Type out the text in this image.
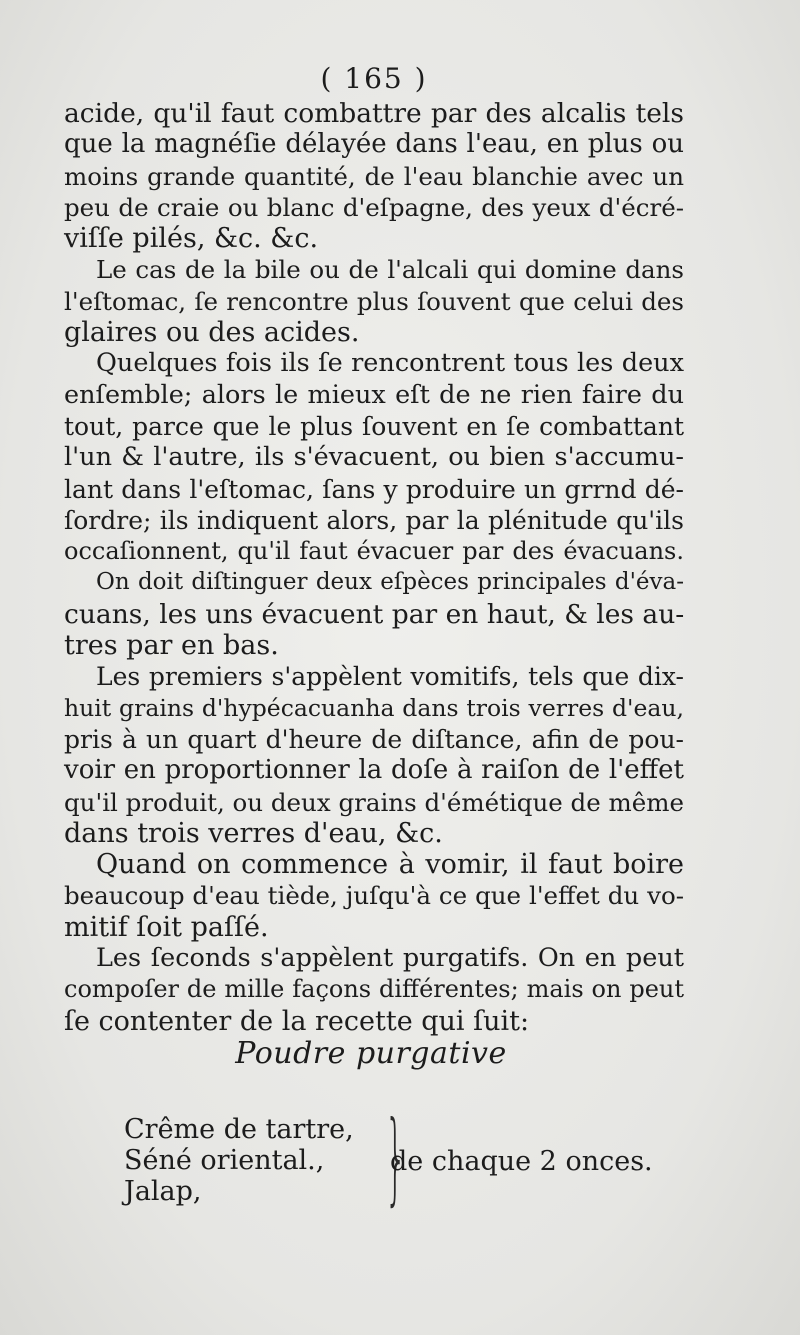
( 165 )
acide, qu'il faut combattre par des alcalis tels
que la magnéſie délayée dans l'eau, en plus ou
moins grande quantité, de l'eau blanchie avec un
peu de craie ou blanc d'eſpagne, des yeux d'écré-
viſſe pilés, &c. &c.
Le cas de la bile ou de l'alcali qui domine dans
l'eſtomac, ſe rencontre plus ſouvent que celui des
glaires ou des acides.
Quelques fois ils ſe rencontrent tous les deux
enſemble; alors le mieux eſt de ne rien faire du
tout, parce que le plus ſouvent en ſe combattant
l'un & l'autre, ils s'évacuent, ou bien s'accumu-
lant dans l'eſtomac, ſans y produire un grrnd dé-
ſordre; ils indiquent alors, par la plénitude qu'ils
occaſionnent, qu'il faut évacuer par des évacuans.
On doit diſtinguer deux eſpèces principales d'éva-
cuans, les uns évacuent par en haut, & les au-
tres par en bas.
Les premiers s'appèlent vomitifs, tels que dix-
huit grains d'hypécacuanha dans trois verres d'eau,
pris à un quart d'heure de diſtance, afin de pou-
voir en proportionner la doſe à raiſon de l'effet
qu'il produit, ou deux grains d'émétique de même
dans trois verres d'eau, &c.
Quand on commence à vomir, il faut boire
beaucoup d'eau tiède, juſqu'à ce que l'effet du vo-
mitif ſoit paſſé.
Les ſeconds s'appèlent purgatifs. On en peut
compoſer de mille façons différentes; mais on peut
ſe contenter de la recette qui ſuit:
Poudre purgative
Crême de tartre,
Séné oriental.,
Jalap,	}
de chaque 2 onces.
